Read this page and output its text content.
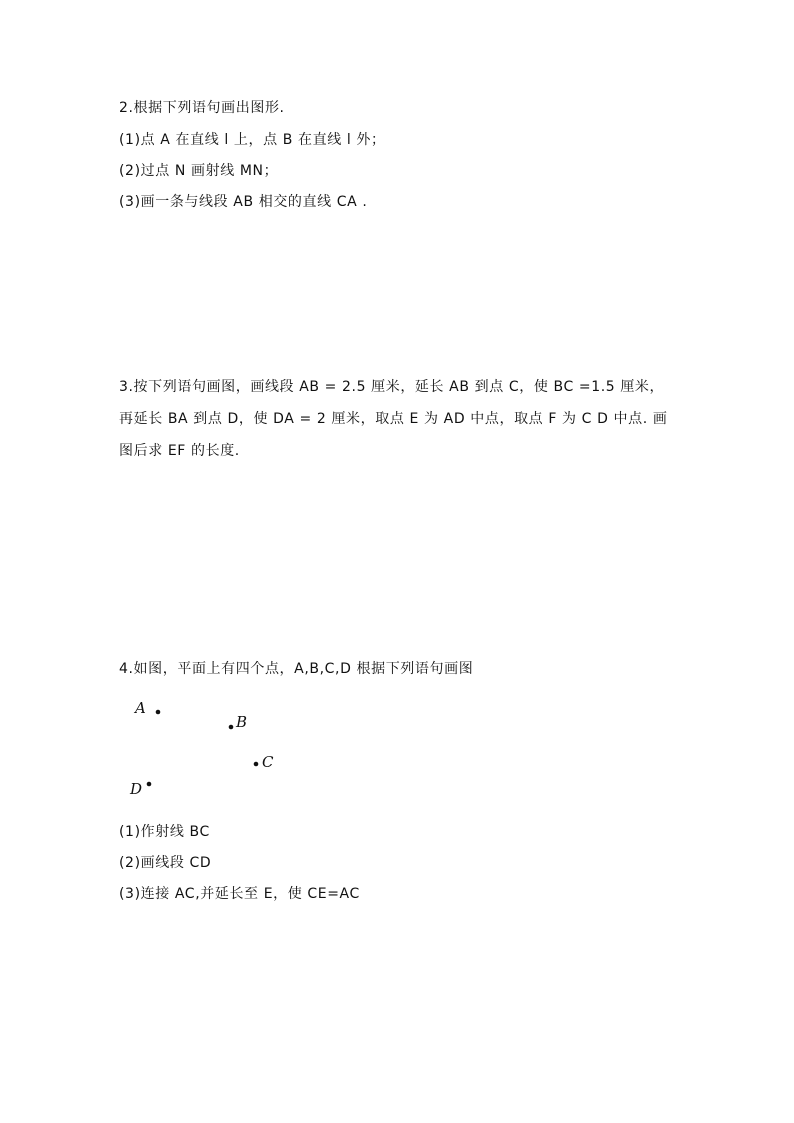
2.根据下列语句画出图形.
(1)点 A 在直线 l 上，点 B 在直线 l 外；
(2)过点 N 画射线 MN；
(3)画一条与线段 AB 相交的直线 CA .
3.按下列语句画图，画线段 AB = 2.5 厘米，延长 AB 到点 C，使 BC =1.5 厘米，
再延长 BA 到点 D，使 DA = 2 厘米，取点 E 为 AD 中点，取点 F 为 C D 中点. 画
图后求 EF 的长度.
4.如图，平面上有四个点，A,B,C,D 根据下列语句画图
A
B
C
D
(1)作射线 BC
(2)画线段 CD
(3)连接 AC,并延长至 E，使 CE=AC
